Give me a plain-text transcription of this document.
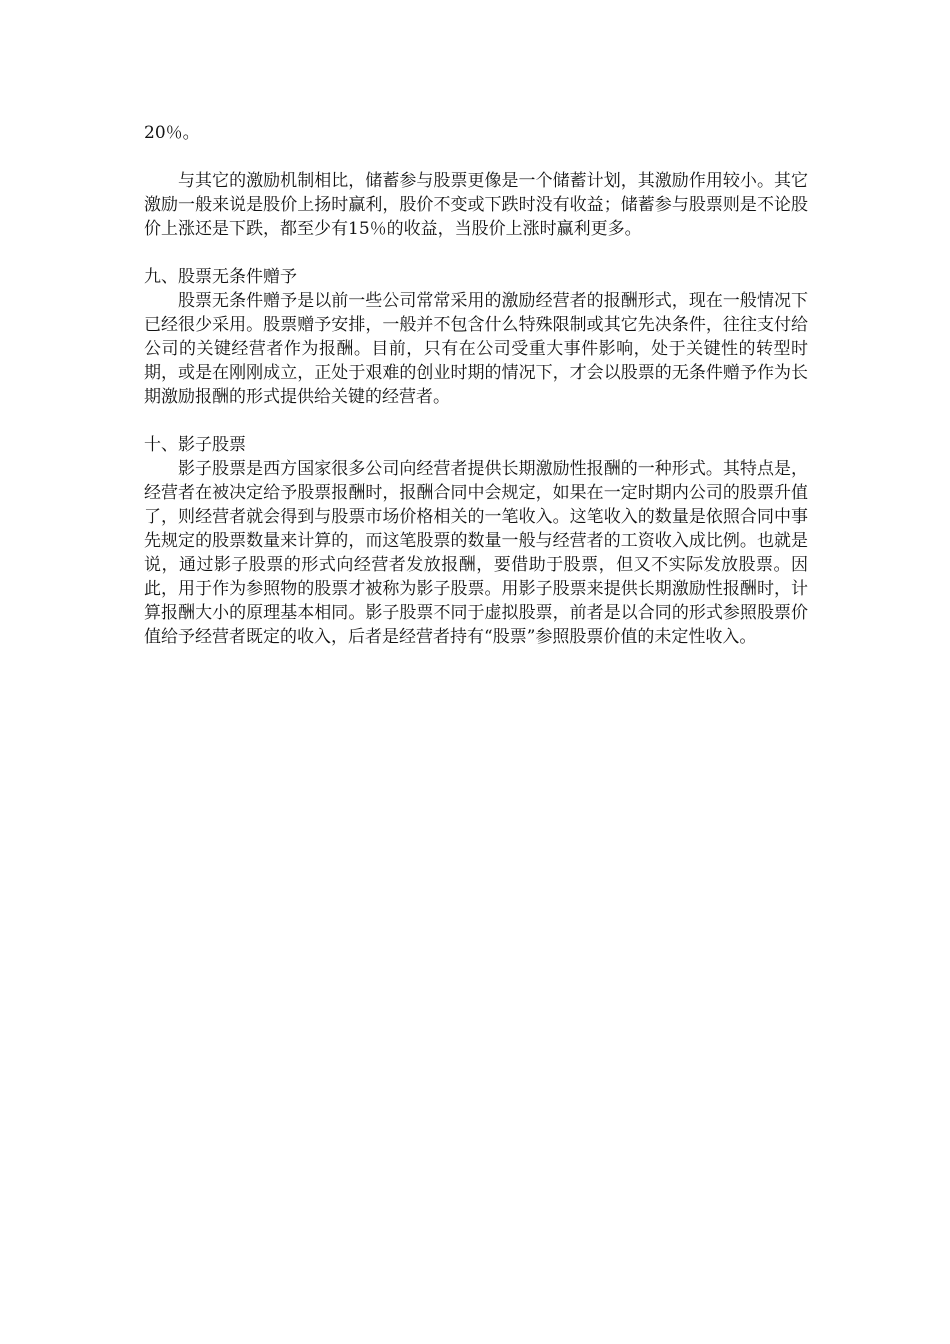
20％。

与其它的激励机制相比，储蓄参与股票更像是一个储蓄计划，其激励作用较小。其它激励一般来说是股价上扬时赢利，股价不变或下跌时没有收益；储蓄参与股票则是不论股价上涨还是下跌，都至少有15％的收益，当股价上涨时赢利更多。

九、股票无条件赠予

股票无条件赠予是以前一些公司常常采用的激励经营者的报酬形式，现在一般情况下已经很少采用。股票赠予安排，一般并不包含什么特殊限制或其它先决条件，往往支付给公司的关键经营者作为报酬。目前，只有在公司受重大事件影响，处于关键性的转型时期，或是在刚刚成立，正处于艰难的创业时期的情况下，才会以股票的无条件赠予作为长期激励报酬的形式提供给关键的经营者。

十、影子股票

影子股票是西方国家很多公司向经营者提供长期激励性报酬的一种形式。其特点是，经营者在被决定给予股票报酬时，报酬合同中会规定，如果在一定时期内公司的股票升值了，则经营者就会得到与股票市场价格相关的一笔收入。这笔收入的数量是依照合同中事先规定的股票数量来计算的，而这笔股票的数量一般与经营者的工资收入成比例。也就是说，通过影子股票的形式向经营者发放报酬，要借助于股票，但又不实际发放股票。因此，用于作为参照物的股票才被称为影子股票。用影子股票来提供长期激励性报酬时，计算报酬大小的原理基本相同。影子股票不同于虚拟股票，前者是以合同的形式参照股票价值给予经营者既定的收入，后者是经营者持有“股票”参照股票价值的未定性收入。
